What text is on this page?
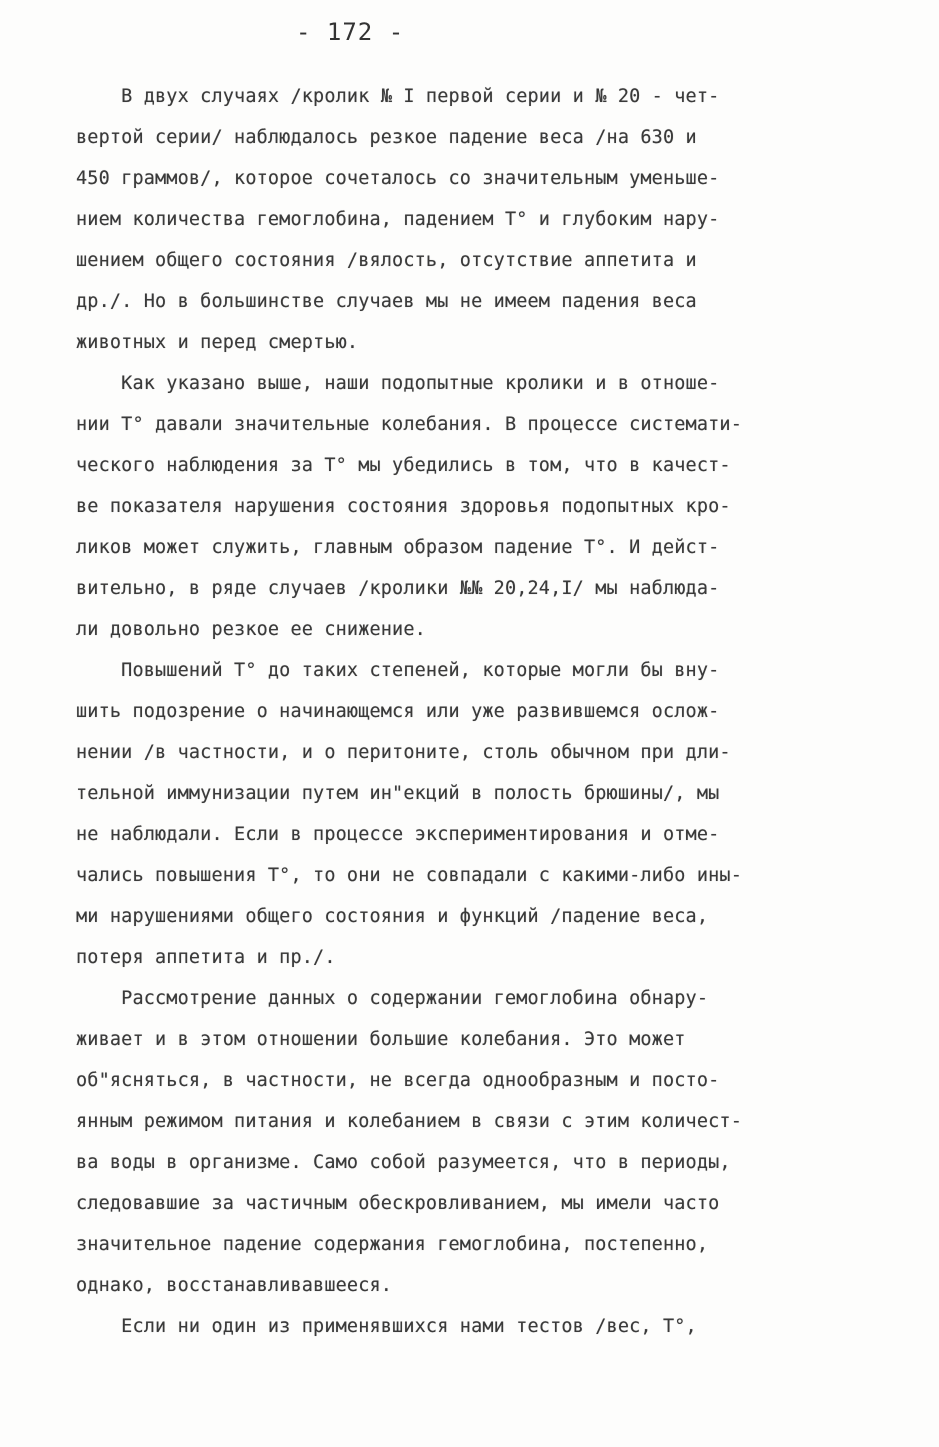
- 172 -
В двух случаях /кролик № I первой серии и № 20 - чет-
вертой серии/ наблюдалось резкое падение веса /на 630 и
450 граммов/, которое сочеталось со значительным уменьше-
нием количества гемоглобина, падением Т° и глубоким нару-
шением общего состояния /вялость, отсутствие аппетита и
др./. Но в большинстве случаев мы не имеем падения веса
животных и перед смертью.
Как указано выше, наши подопытные кролики и в отноше-
нии Т° давали значительные колебания. В процессе системати-
ческого наблюдения за Т° мы убедились в том, что в качест-
ве показателя нарушения состояния здоровья подопытных кро-
ликов может служить, главным образом падение Т°. И дейст-
вительно, в ряде случаев /кролики №№ 20,24,I/ мы наблюда-
ли довольно резкое ее снижение.
Повышений Т° до таких степеней, которые могли бы вну-
шить подозрение о начинающемся или уже развившемся ослож-
нении /в частности, и о перитоните, столь обычном при дли-
тельной иммунизации путем ин"екций в полость брюшины/, мы
не наблюдали. Если в процессе экспериментирования и отме-
чались повышения Т°, то они не совпадали с какими-либо ины-
ми нарушениями общего состояния и функций /падение веса,
потеря аппетита и пр./.
Рассмотрение данных о содержании гемоглобина обнару-
живает и в этом отношении большие колебания. Это может
об"ясняться, в частности, не всегда однообразным и посто-
янным режимом питания и колебанием в связи с этим количест-
ва воды в организме. Само собой разумеется, что в периоды,
следовавшие за частичным обескровливанием, мы имели часто
значительное падение содержания гемоглобина, постепенно,
однако, восстанавливавшееся.
Если ни один из применявшихся нами тестов /вес, Т°,
